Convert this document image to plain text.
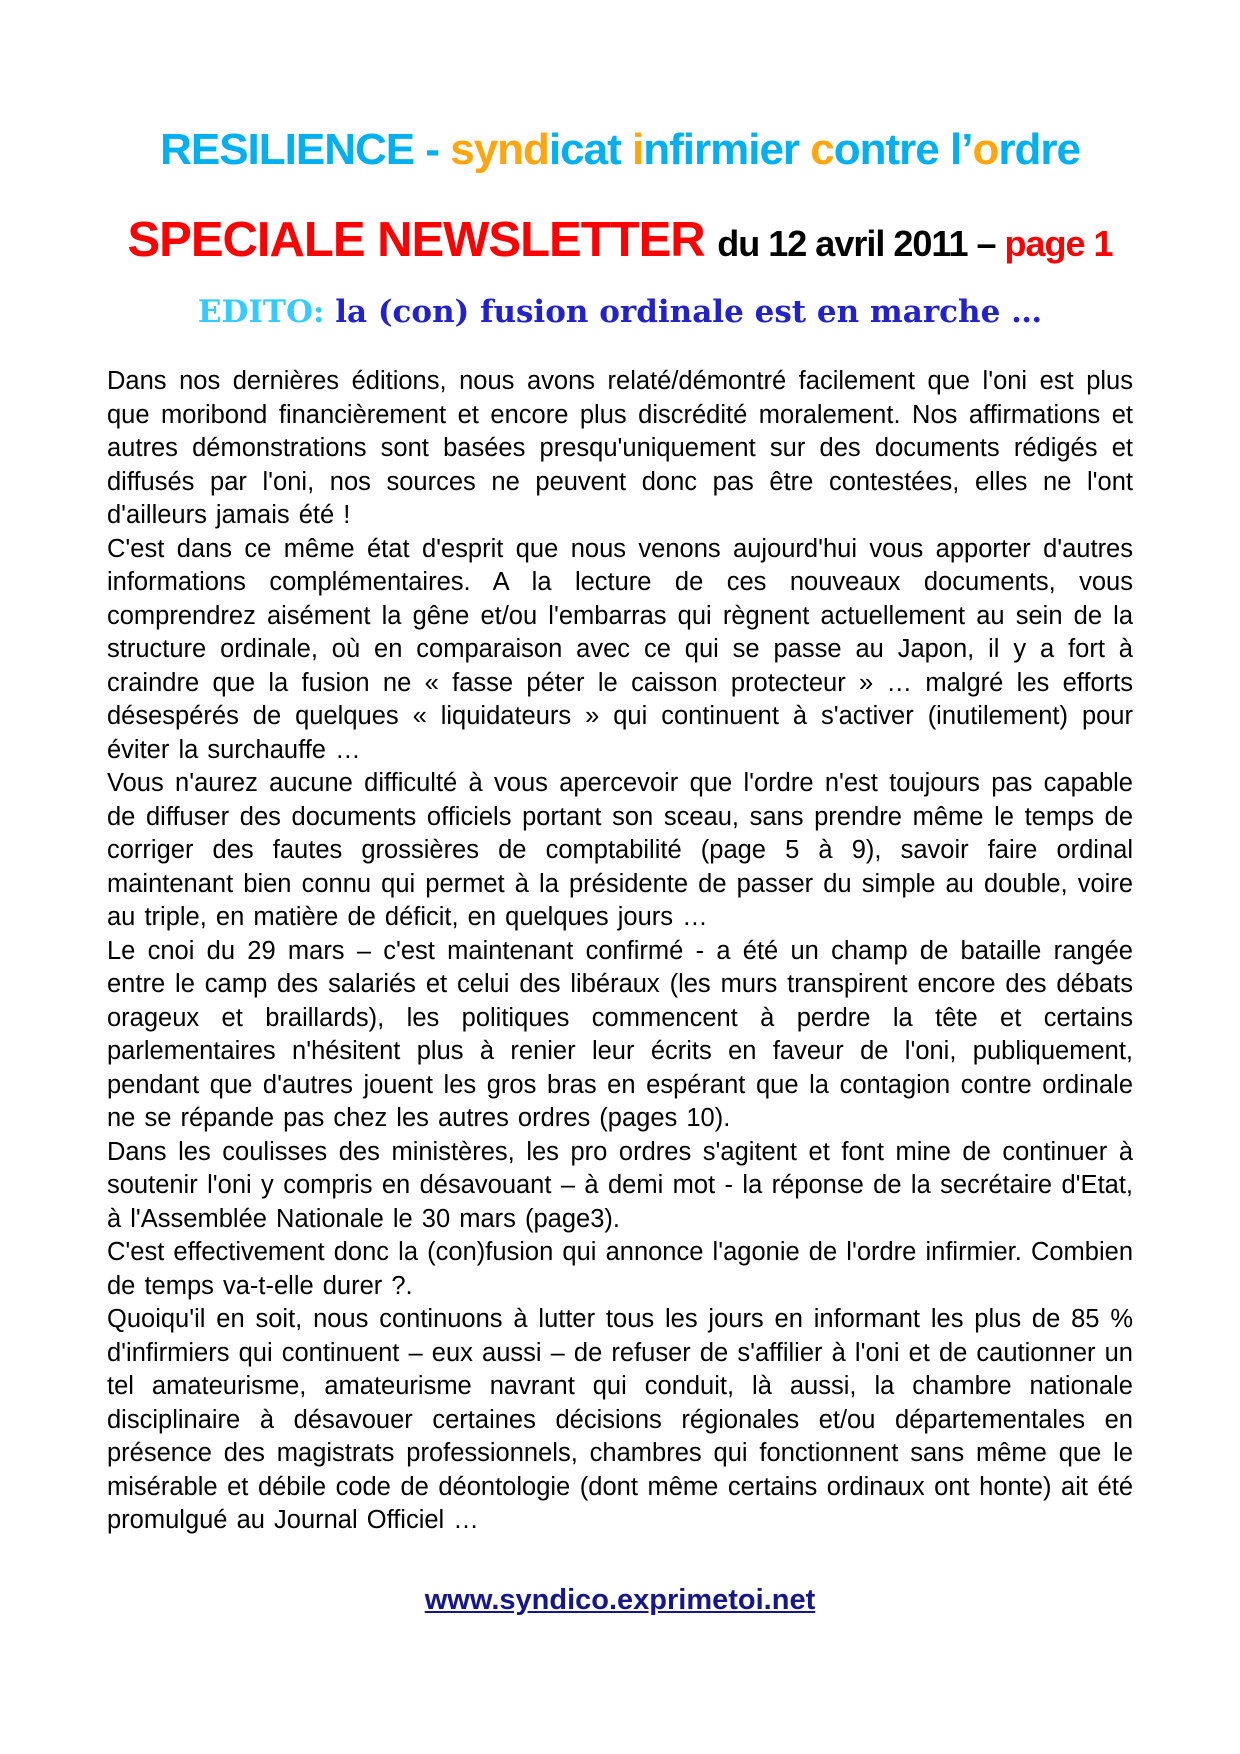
RESILIENCE - syndicat infirmier contre l’ordre
SPECIALE NEWSLETTER du 12 avril 2011 – page 1
EDITO: la (con) fusion ordinale est en marche …

Dans nos dernières éditions, nous avons relaté/démontré facilement que l'oni est plus que moribond financièrement et encore plus discrédité moralement. Nos affirmations et autres démonstrations sont basées presqu'uniquement sur des documents rédigés et diffusés par l'oni, nos sources ne peuvent donc pas être contestées, elles ne l'ont d'ailleurs jamais été !

C'est dans ce même état d'esprit que nous venons aujourd'hui vous apporter d'autres informations complémentaires. A la lecture de ces nouveaux documents, vous comprendrez aisément la gêne et/ou l'embarras qui règnent actuellement au sein de la structure ordinale, où en comparaison avec ce qui se passe au Japon, il y a fort à craindre que la fusion ne « fasse péter le caisson protecteur » … malgré les efforts désespérés de quelques « liquidateurs » qui continuent à s'activer (inutilement) pour éviter la surchauffe …

Vous n'aurez aucune difficulté à vous apercevoir que l'ordre n'est toujours pas capable de diffuser des documents officiels portant son sceau, sans prendre même le temps de corriger des fautes grossières de comptabilité (page 5 à 9), savoir faire ordinal maintenant bien connu qui permet à la présidente de passer du simple au double, voire au triple, en matière de déficit, en quelques jours …

Le cnoi du 29 mars – c'est maintenant confirmé - a été un champ de bataille rangée entre le camp des salariés et celui des libéraux (les murs transpirent encore des débats orageux et braillards), les politiques commencent à perdre la tête et certains parlementaires n'hésitent plus à renier leur écrits en faveur de l'oni, publiquement, pendant que d'autres jouent les gros bras en espérant que la contagion contre ordinale ne se répande pas chez les autres ordres (pages 10).

Dans les coulisses des ministères, les pro ordres s'agitent et font mine de continuer à soutenir l'oni y compris en désavouant – à demi mot - la réponse de la secrétaire d'Etat, à l'Assemblée Nationale le 30 mars (page3).

C'est effectivement donc la (con)fusion qui annonce l'agonie de l'ordre infirmier. Combien de temps va-t-elle durer ?.

Quoiqu'il en soit, nous continuons à lutter tous les jours en informant les plus de 85 % d'infirmiers qui continuent – eux aussi – de refuser de s'affilier à l'oni et de cautionner un tel amateurisme, amateurisme navrant qui conduit, là aussi, la chambre nationale disciplinaire à désavouer certaines décisions régionales et/ou départementales en présence des magistrats professionnels, chambres qui fonctionnent sans même que le misérable et débile code de déontologie (dont même certains ordinaux ont honte) ait été promulgué au Journal Officiel …

www.syndico.exprimetoi.net
